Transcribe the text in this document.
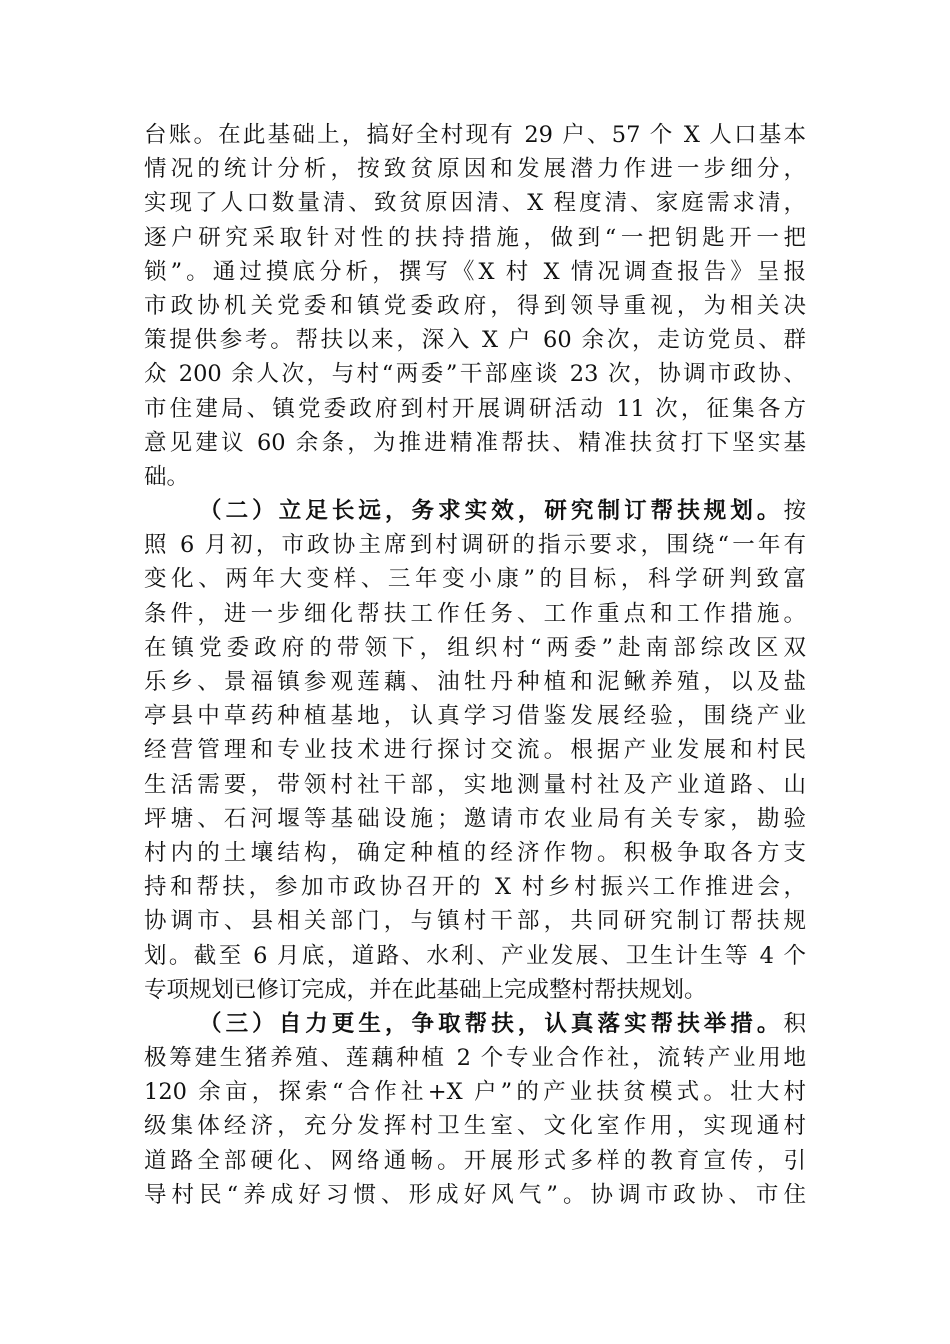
台账。在此基础上，搞好全村现有 29 户、57 个 X 人口基本
情况的统计分析，按致贫原因和发展潜力作进一步细分，
实现了人口数量清、致贫原因清、X 程度清、家庭需求清，
逐户研究采取针对性的扶持措施，做到“一把钥匙开一把
锁”。通过摸底分析，撰写《X 村 X 情况调查报告》呈报
市政协机关党委和镇党委政府，得到领导重视，为相关决
策提供参考。帮扶以来，深入 X 户 60 余次，走访党员、群
众 200 余人次，与村“两委”干部座谈 23 次，协调市政协、
市住建局、镇党委政府到村开展调研活动 11 次，征集各方
意见建议 60 余条，为推进精准帮扶、精准扶贫打下坚实基
础。
（二）立足长远，务求实效，研究制订帮扶规划。按
照 6 月初，市政协主席到村调研的指示要求，围绕“一年有
变化、两年大变样、三年变小康”的目标，科学研判致富
条件，进一步细化帮扶工作任务、工作重点和工作措施。
在镇党委政府的带领下，组织村“两委”赴南部综改区双
乐乡、景福镇参观莲藕、油牡丹种植和泥鳅养殖，以及盐
亭县中草药种植基地，认真学习借鉴发展经验，围绕产业
经营管理和专业技术进行探讨交流。根据产业发展和村民
生活需要，带领村社干部，实地测量村社及产业道路、山
坪塘、石河堰等基础设施；邀请市农业局有关专家，勘验
村内的土壤结构，确定种植的经济作物。积极争取各方支
持和帮扶，参加市政协召开的 X 村乡村振兴工作推进会，
协调市、县相关部门，与镇村干部，共同研究制订帮扶规
划。截至 6 月底，道路、水利、产业发展、卫生计生等 4 个
专项规划已修订完成，并在此基础上完成整村帮扶规划。
（三）自力更生，争取帮扶，认真落实帮扶举措。积
极筹建生猪养殖、莲藕种植 2 个专业合作社，流转产业用地
120 余亩，探索“合作社+X 户”的产业扶贫模式。壮大村
级集体经济，充分发挥村卫生室、文化室作用，实现通村
道路全部硬化、网络通畅。开展形式多样的教育宣传，引
导村民“养成好习惯、形成好风气”。协调市政协、市住
